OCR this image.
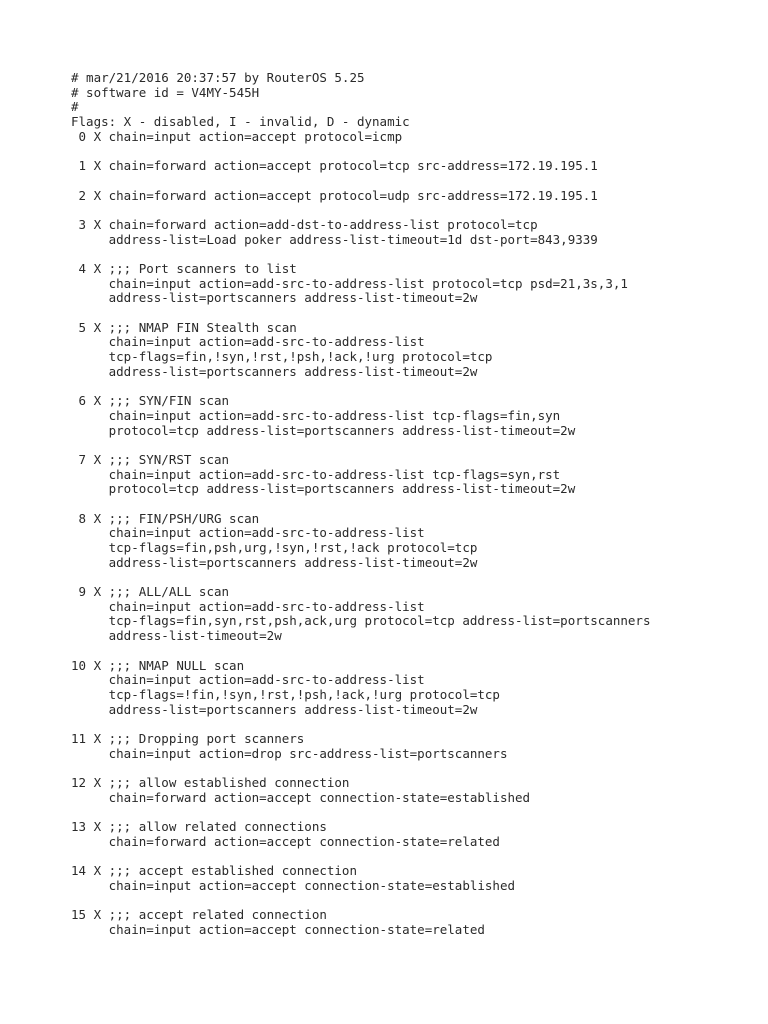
# mar/21/2016 20:37:57 by RouterOS 5.25
# software id = V4MY-545H
#
Flags: X - disabled, I - invalid, D - dynamic
0 X chain=input action=accept protocol=icmp
1 X chain=forward action=accept protocol=tcp src-address=172.19.195.1
2 X chain=forward action=accept protocol=udp src-address=172.19.195.1
3 X chain=forward action=add-dst-to-address-list protocol=tcp
address-list=Load poker address-list-timeout=1d dst-port=843,9339
4 X ;;; Port scanners to list
chain=input action=add-src-to-address-list protocol=tcp psd=21,3s,3,1
address-list=portscanners address-list-timeout=2w
5 X ;;; NMAP FIN Stealth scan
chain=input action=add-src-to-address-list
tcp-flags=fin,!syn,!rst,!psh,!ack,!urg protocol=tcp
address-list=portscanners address-list-timeout=2w
6 X ;;; SYN/FIN scan
chain=input action=add-src-to-address-list tcp-flags=fin,syn
protocol=tcp address-list=portscanners address-list-timeout=2w
7 X ;;; SYN/RST scan
chain=input action=add-src-to-address-list tcp-flags=syn,rst
protocol=tcp address-list=portscanners address-list-timeout=2w
8 X ;;; FIN/PSH/URG scan
chain=input action=add-src-to-address-list
tcp-flags=fin,psh,urg,!syn,!rst,!ack protocol=tcp
address-list=portscanners address-list-timeout=2w
9 X ;;; ALL/ALL scan
chain=input action=add-src-to-address-list
tcp-flags=fin,syn,rst,psh,ack,urg protocol=tcp address-list=portscanners
address-list-timeout=2w
10 X ;;; NMAP NULL scan
chain=input action=add-src-to-address-list
tcp-flags=!fin,!syn,!rst,!psh,!ack,!urg protocol=tcp
address-list=portscanners address-list-timeout=2w
11 X ;;; Dropping port scanners
chain=input action=drop src-address-list=portscanners
12 X ;;; allow established connection
chain=forward action=accept connection-state=established
13 X ;;; allow related connections
chain=forward action=accept connection-state=related
14 X ;;; accept established connection
chain=input action=accept connection-state=established
15 X ;;; accept related connection
chain=input action=accept connection-state=related
